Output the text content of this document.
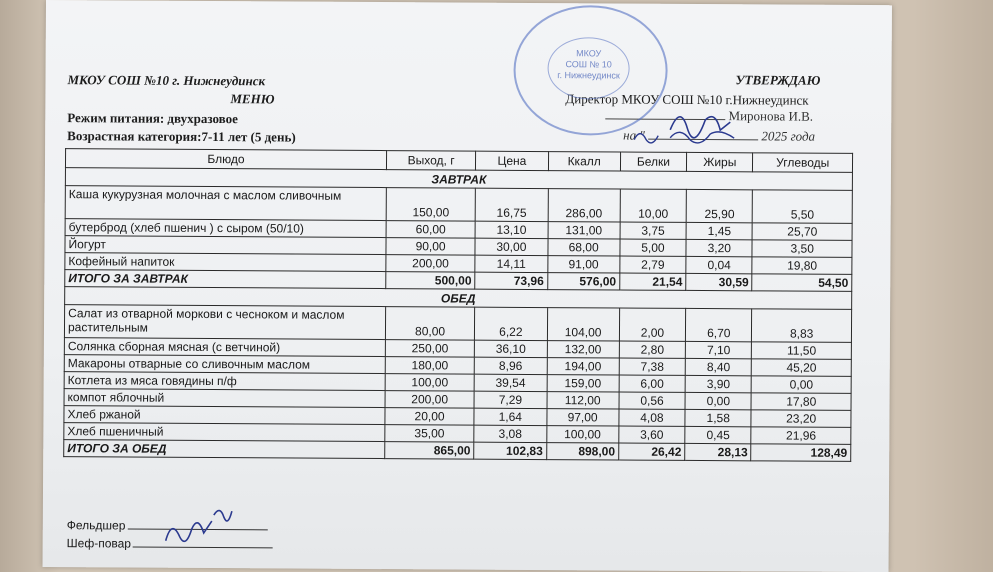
МКОУ СОШ №10 г. Нижнеудинск
МЕНЮ
Режим питания: двухразовое
Возрастная категория:7-11 лет (5 день)
УТВЕРЖДАЮ
Директор МКОУ СОШ №10 г.Нижнеудинск
Миронова И.В.
на "	2025 года
МКОУ
СОШ № 10
г. Нижнеудинск
Блюдо	Выход, г	Цена	Ккалл	Белки	Жиры	Углеводы
ЗАВТРАК						
Каша кукурузная молочная с маслом сливочным	150,00	16,75	286,00	10,00	25,90	5,50
бутерброд (хлеб пшенич ) с сыром (50/10)	60,00	13,10	131,00	3,75	1,45	25,70
Йогурт	90,00	30,00	68,00	5,00	3,20	3,50
Кофейный напиток	200,00	14,11	91,00	2,79	0,04	19,80
ИТОГО ЗА ЗАВТРАК	500,00	73,96	576,00	21,54	30,59	54,50
ОБЕД						
Салат из отварной моркови с чесноком и маслом растительным	80,00	6,22	104,00	2,00	6,70	8,83
Солянка сборная мясная (с ветчиной)	250,00	36,10	132,00	2,80	7,10	11,50
Макароны отварные со сливочным маслом	180,00	8,96	194,00	7,38	8,40	45,20
Котлета из мяса говядины п/ф	100,00	39,54	159,00	6,00	3,90	0,00
компот яблочный	200,00	7,29	112,00	0,56	0,00	17,80
Хлеб ржаной	20,00	1,64	97,00	4,08	1,58	23,20
Хлеб пшеничный	35,00	3,08	100,00	3,60	0,45	21,96
ИТОГО ЗА ОБЕД	865,00	102,83	898,00	26,42	28,13	128,49
Фельдшер
Шеф-повар
